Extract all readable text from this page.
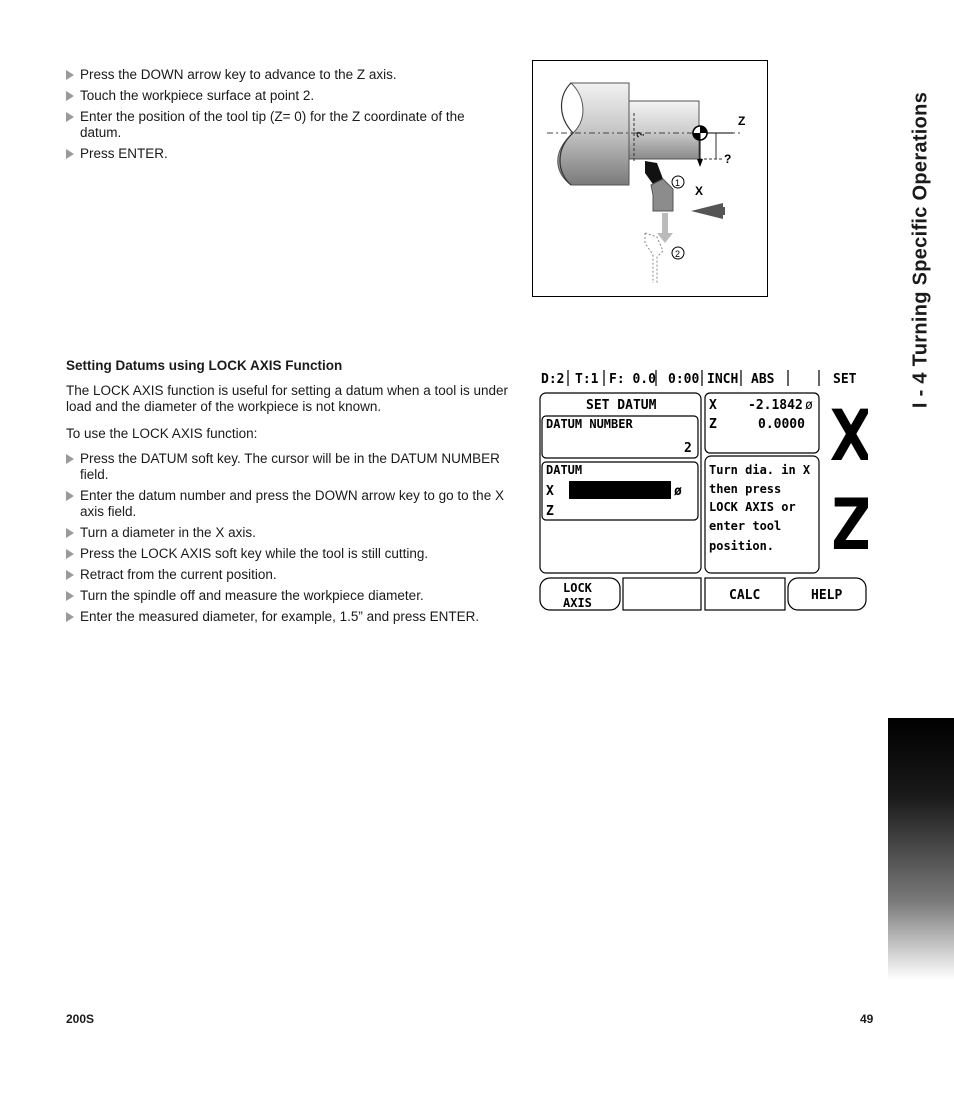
Press the DOWN arrow key to advance to the Z axis.
Touch the workpiece surface at point 2.
Enter the position of the tool tip (Z= 0) for the Z coordinate of the datum.
Press ENTER.
?
Z
?
X
1
2
Setting Datums using LOCK AXIS Function

The LOCK AXIS function is useful for setting a datum when a tool is under load and the diameter of the workpiece is not known.

To use the LOCK AXIS function:

Press the DATUM soft key. The cursor will be in the DATUM NUMBER field.
Enter the datum number and press the DOWN arrow key to go to the X axis field.
Turn a diameter in the X axis.
Press the LOCK AXIS soft key while the tool is still cutting.
Retract from the current position.
Turn the spindle off and measure the workpiece diameter.
Enter the measured diameter, for example, 1.5” and press ENTER.
D:2 T:1 F: 0.0 0:00 INCH ABS	SET
SET DATUM
DATUM NUMBER
2
DATUM
X	ø
Z
X -2.1842 ø
Z	0.0000
Turn dia. in X
then press
LOCK AXIS or
enter tool
position.
X
Z
LOCK
AXIS	CALC	HELP
I - 4 Turning Specific Operations
200S	49
